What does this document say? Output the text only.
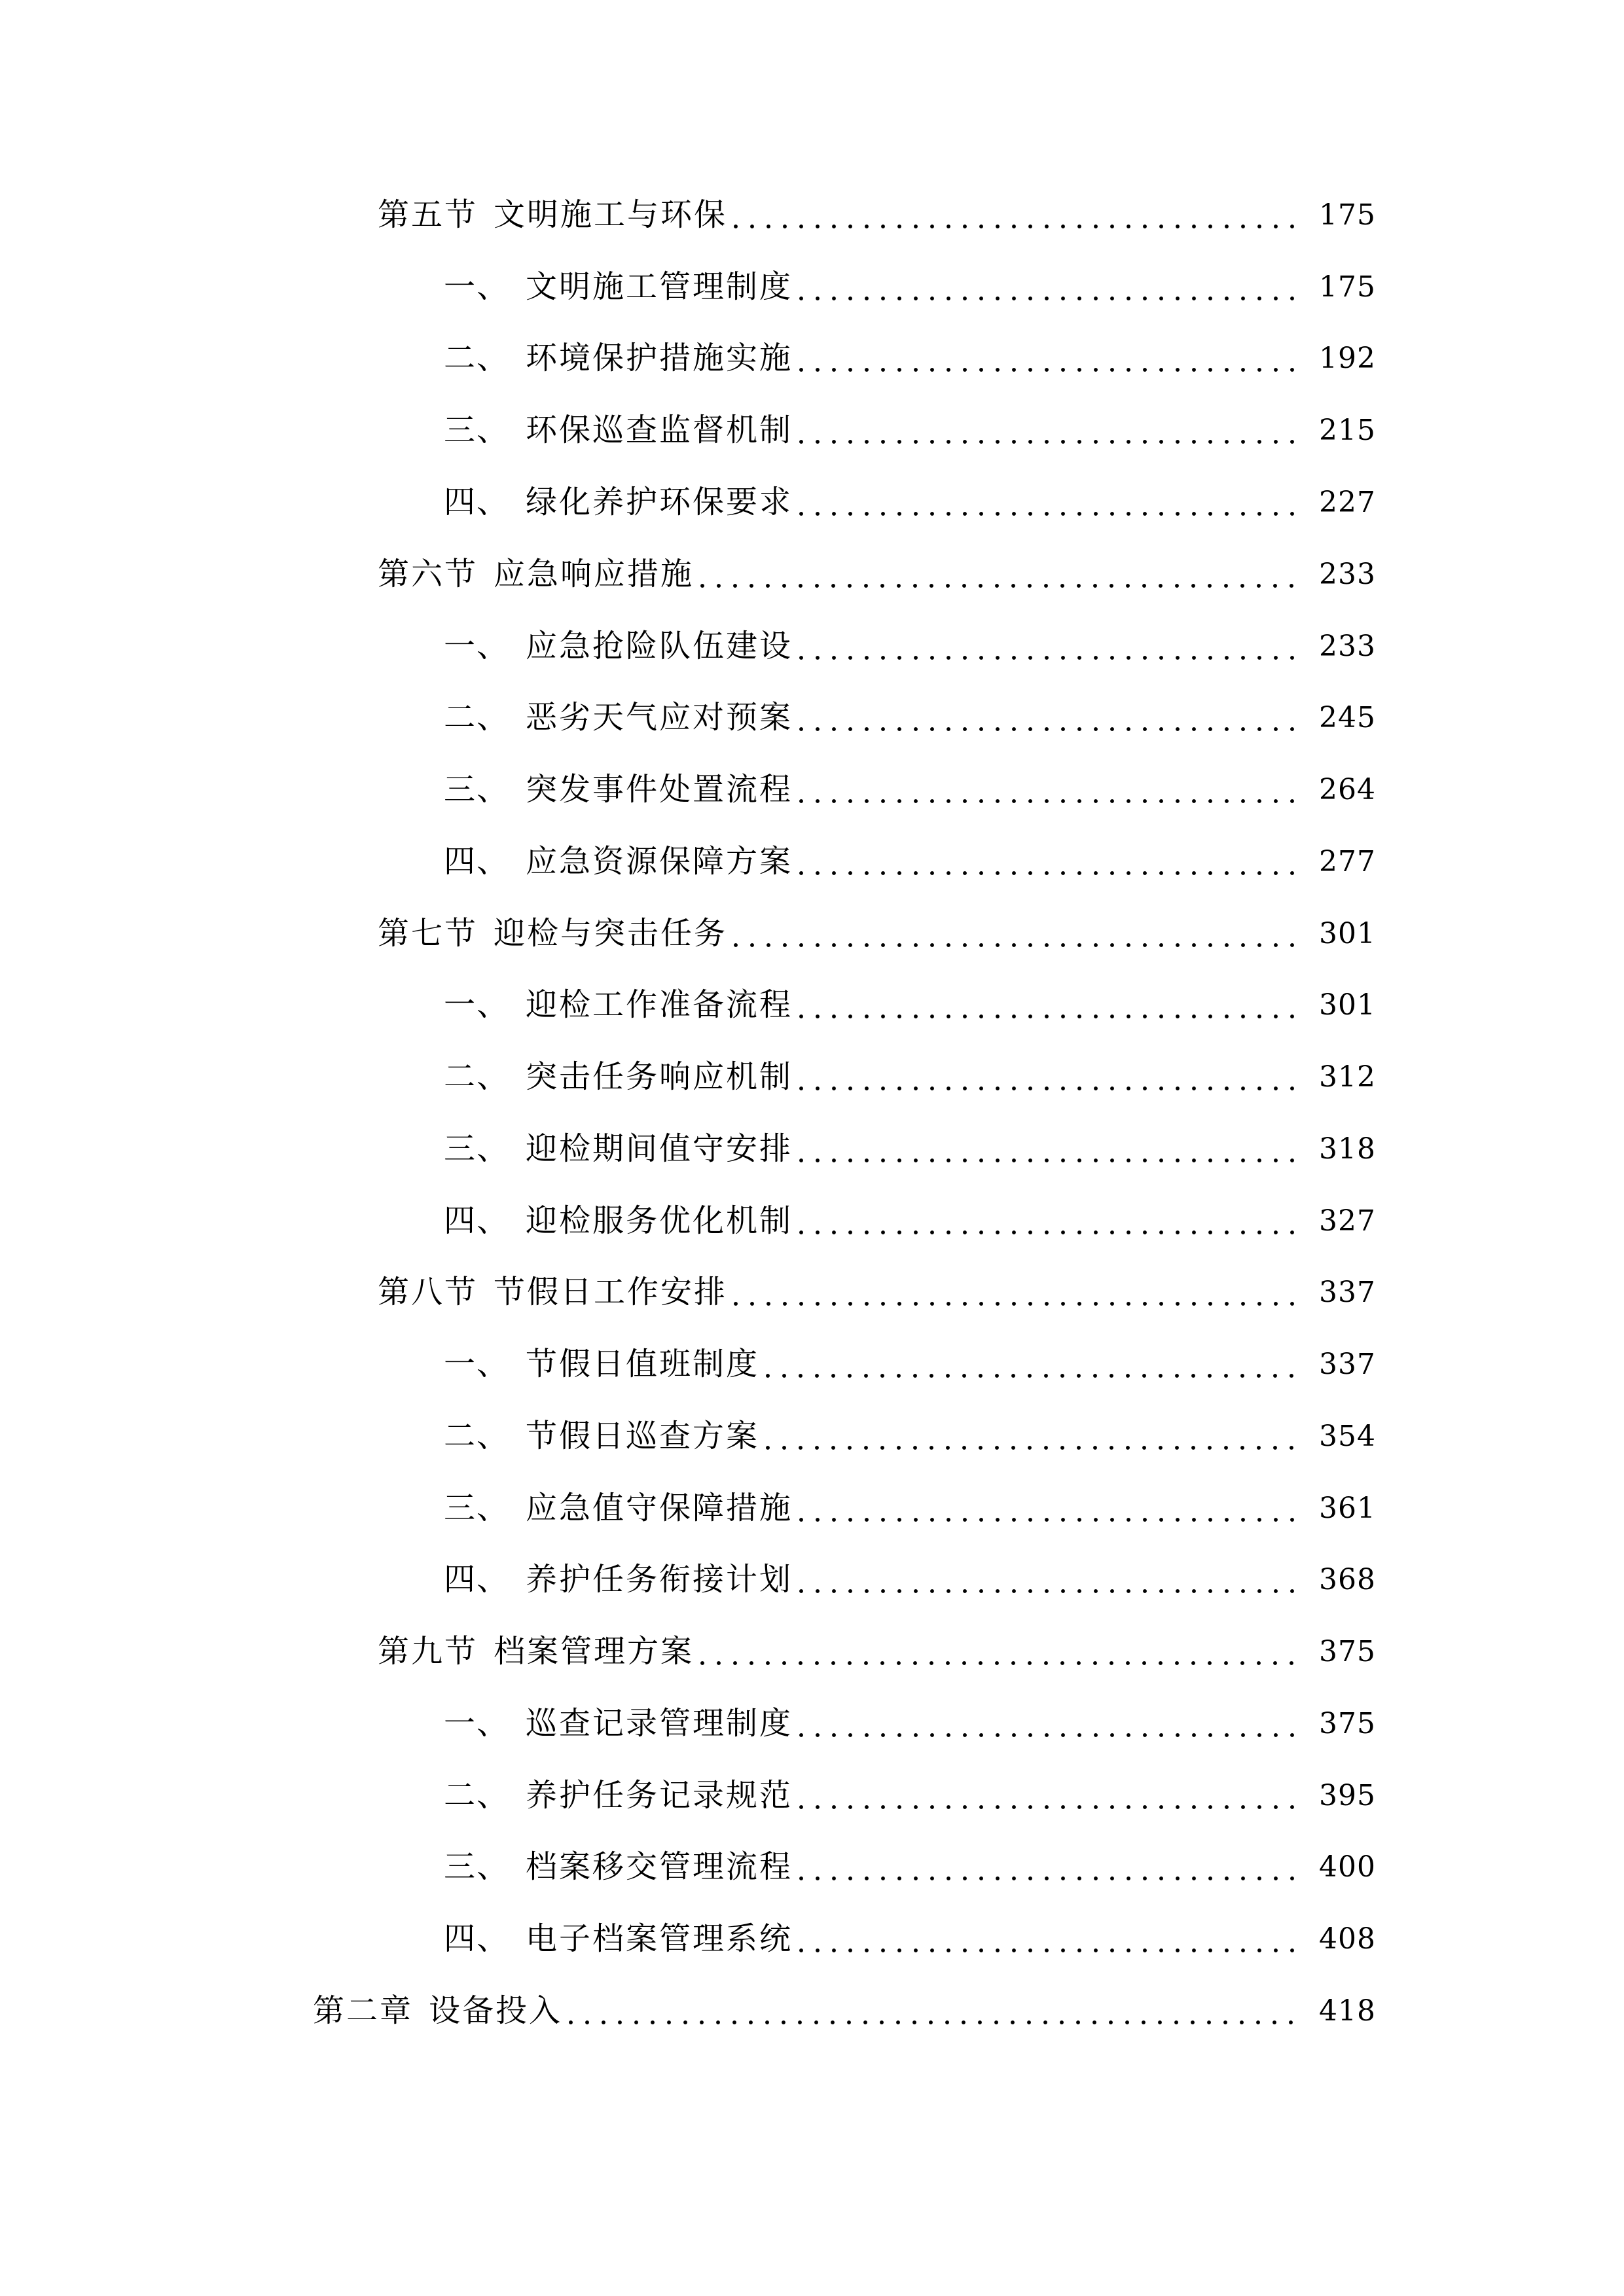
第五节 文明施工与环保	175
一、 文明施工管理制度	175
二、 环境保护措施实施	192
三、 环保巡查监督机制	215
四、 绿化养护环保要求	227
第六节 应急响应措施	233
一、 应急抢险队伍建设	233
二、 恶劣天气应对预案	245
三、 突发事件处置流程	264
四、 应急资源保障方案	277
第七节 迎检与突击任务	301
一、 迎检工作准备流程	301
二、 突击任务响应机制	312
三、 迎检期间值守安排	318
四、 迎检服务优化机制	327
第八节 节假日工作安排	337
一、 节假日值班制度	337
二、 节假日巡查方案	354
三、 应急值守保障措施	361
四、 养护任务衔接计划	368
第九节 档案管理方案	375
一、 巡查记录管理制度	375
二、 养护任务记录规范	395
三、 档案移交管理流程	400
四、 电子档案管理系统	408
第二章 设备投入	418
